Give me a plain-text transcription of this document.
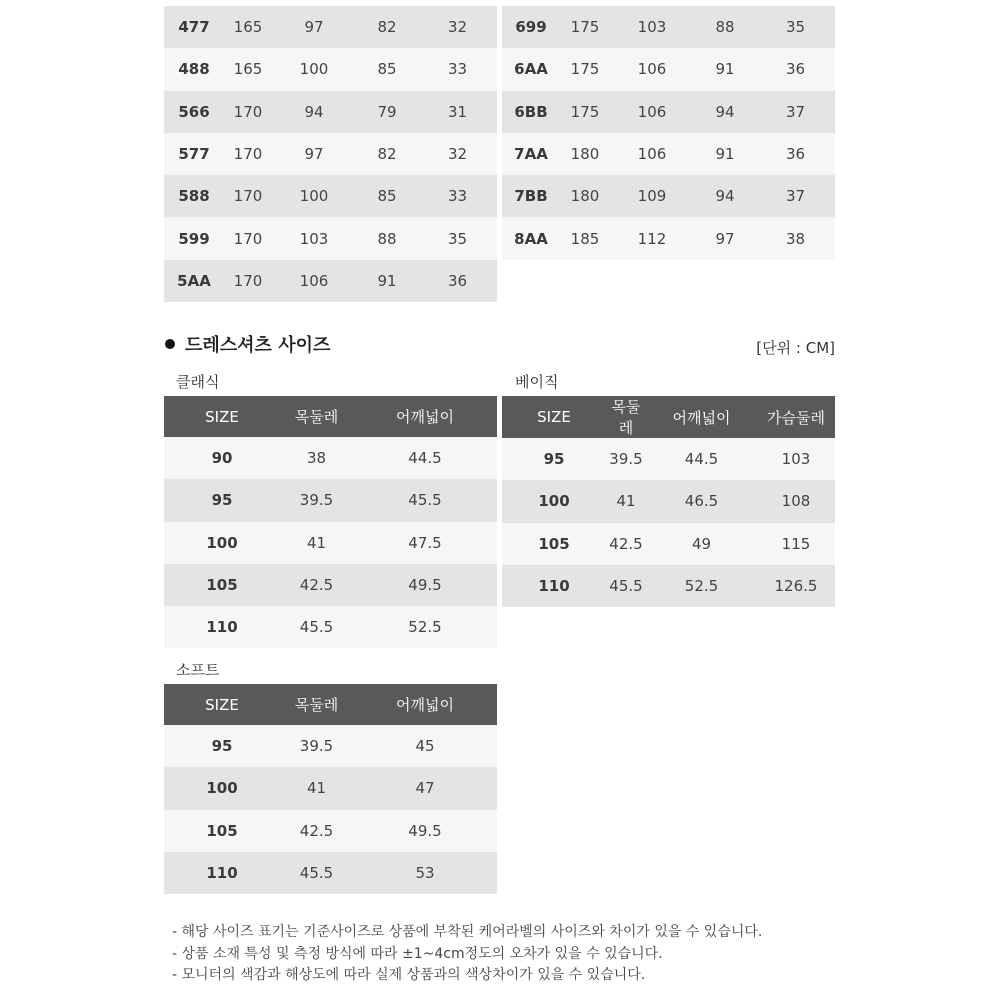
477	165	97	82	32
488	165	100	85	33
566	170	94	79	31
577	170	97	82	32
588	170	100	85	33
599	170	103	88	35
5AA	170	106	91	36
699	175	103	88	35
6AA	175	106	91	36
6BB	175	106	94	37
7AA	180	106	91	36
7BB	180	109	94	37
8AA	185	112	97	38
드레스셔츠 사이즈	[단위 : CM]
클래식
SIZE	목둘레	어깨넓이
90	38	44.5
95	39.5	45.5
100	41	47.5
105	42.5	49.5
110	45.5	52.5
베이직
SIZE	목둘레	어깨넓이	가슴둘레
95	39.5	44.5	103
100	41	46.5	108
105	42.5	49	115
110	45.5	52.5	126.5
소프트
SIZE	목둘레	어깨넓이
95	39.5	45
100	41	47
105	42.5	49.5
110	45.5	53
- 해당 사이즈 표기는 기준사이즈로 상품에 부착된 케어라벨의 사이즈와 차이가 있을 수 있습니다.
- 상품 소재 특성 및 측정 방식에 따라 ±1~4cm정도의 오차가 있을 수 있습니다.
- 모니터의 색감과 해상도에 따라 실제 상품과의 색상차이가 있을 수 있습니다.
